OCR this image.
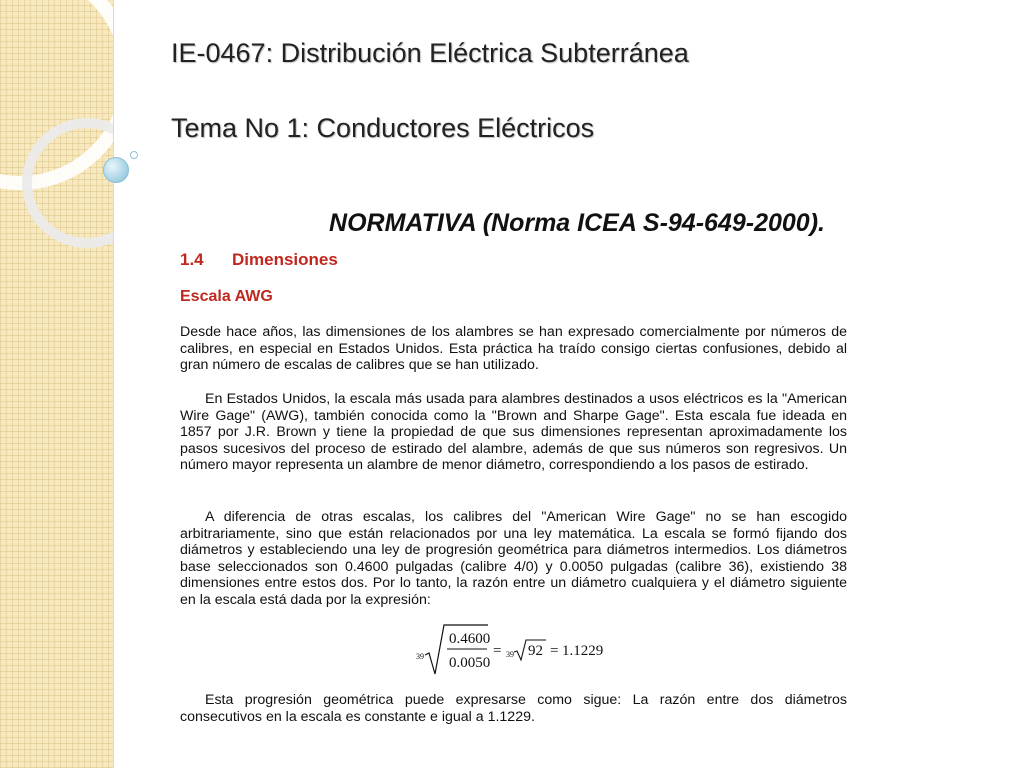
IE-0467: Distribución Eléctrica Subterránea
Tema No 1: Conductores Eléctricos
NORMATIVA (Norma ICEA S-94-649-2000).
1.4 Dimensiones
Escala AWG

Desde hace años, las dimensiones de los alambres se han expresado comercialmente por números de calibres, en especial en Estados Unidos. Esta práctica ha traído consigo ciertas confusiones, debido al gran número de escalas de calibres que se han utilizado.

En Estados Unidos, la escala más usada para alambres destinados a usos eléctricos es la "American Wire Gage" (AWG), también conocida como la "Brown and Sharpe Gage". Esta escala fue ideada en 1857 por J.R. Brown y tiene la propiedad de que sus dimensiones representan aproximadamente los pasos sucesivos del proceso de estirado del alambre, además de que sus números son regresivos. Un número mayor representa un alambre de menor diámetro, correspondiendo a los pasos de estirado.

A diferencia de otras escalas, los calibres del "American Wire Gage" no se han escogido arbitrariamente, sino que están relacionados por una ley matemática. La escala se formó fijando dos diámetros y estableciendo una ley de progresión geométrica para diámetros intermedios. Los diámetros base seleccionados son 0.4600 pulgadas (calibre 4/0) y 0.0050 pulgadas (calibre 36), existiendo 38 dimensiones entre estos dos. Por lo tanto, la razón entre un diámetro cualquiera y el diámetro siguiente en la escala está dada por la expresión:

39
0.4600
0.0050
= 39 92 = 1.1229

Esta progresión geométrica puede expresarse como sigue: La razón entre dos diámetros consecutivos en la escala es constante e igual a 1.1229.
